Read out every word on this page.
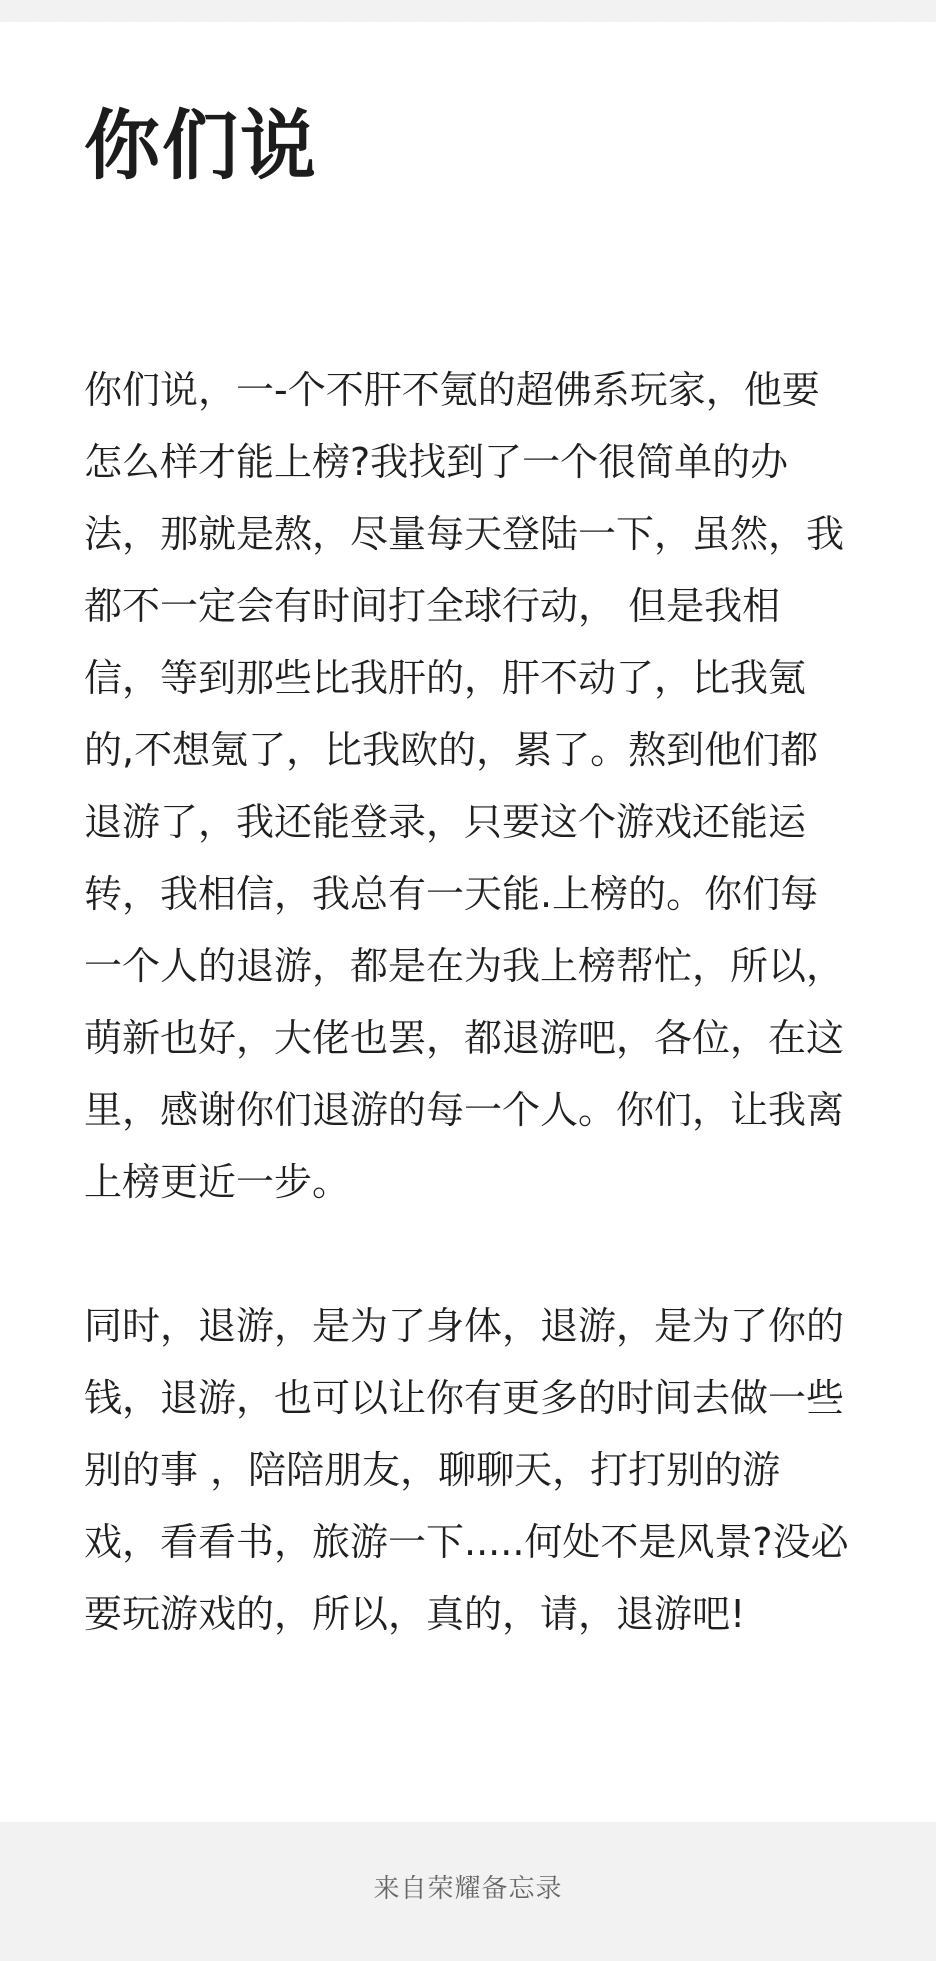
你们说

你们说，一-个不肝不氪的超佛系玩家，他要怎么样才能上榜?我找到了一个很简单的办法，那就是熬，尽量每天登陆一下，虽然，我都不一定会有时间打全球行动， 但是我相信，等到那些比我肝的，肝不动了，比我氪的,不想氪了，比我欧的，累了。熬到他们都退游了，我还能登录，只要这个游戏还能运转，我相信，我总有一天能.上榜的。你们每一个人的退游，都是在为我上榜帮忙，所以，萌新也好，大佬也罢，都退游吧，各位，在这里，感谢你们退游的每一个人。你们，让我离上榜更近一步。

同时，退游，是为了身体，退游，是为了你的钱，退游，也可以让你有更多的时间去做一些别的事 ，陪陪朋友，聊聊天，打打别的游戏，看看书，旅游一下.....何处不是风景?没必要玩游戏的，所以，真的，请，退游吧!

来自荣耀备忘录
